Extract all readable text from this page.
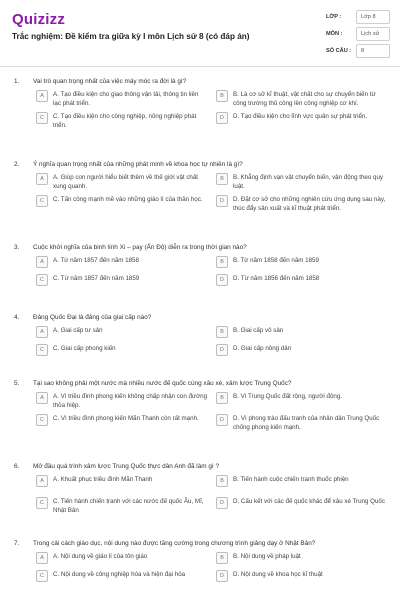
Quizizz
Trắc nghiệm: Đề kiểm tra giữa kỳ I môn Lịch sử 8 (có đáp án)
LỚP :	Lớp 8
MÔN :	Lịch sử
SỐ CÂU :	8
1.	Vai trò quan trọng nhất của việc máy móc ra đời là gì?
A	A. Tạo điều kiện cho giao thông vận tải, thông tin liên lạc phát triển.
B	B. Là cơ sở kĩ thuật, vật chất cho sự chuyển biến từ công trường thủ công lên công nghiệp cơ khí.
C	C. Tạo điều kiện cho công nghiệp, nông nghiệp phát triển.
D	D. Tạo điều kiện cho lĩnh vực quân sự phát triển.
2.	Ý nghĩa quan trọng nhất của những phát minh về khoa học tự nhiên là gì?
A	A. Giúp con người hiểu biết thêm về thế giới vật chất xung quanh.
B	B. Khẳng định vạn vật chuyển biến, vận động theo quy luật.
C	C. Tấn công mạnh mẽ vào những giáo lí của thần học.	D	D. Đặt cơ sở cho những nghiên cứu ứng dụng sau này, thúc đẩy sản xuất và kĩ thuật phát triển.
3.	Cuộc khởi nghĩa của binh lính Xi – pay (Ấn Độ) diễn ra trong thời gian nào?
A	A. Từ năm 1857 đến năm 1858	B	B. Từ năm 1858 đến năm 1859
C	C. Từ năm 1857 đến năm 1859	D	D. Từ năm 1856 đến năm 1858
4.	Đảng Quốc Đại là đảng của giai cấp nào?
A	A. Giai cấp tư sản	B	B. Giai cấp vô sản
C	C. Giai cấp phong kiến	D	D. Giai cấp nông dân
5.	Tại sao không phải một nước mà nhiều nước đế quốc cùng xâu xé, xâm lược Trung Quốc?
A	A. Vì triều đình phong kiến không chấp nhận con đường thỏa hiệp.
B	B. Vì Trung Quốc đất rộng, người đông.
C	C. Vì triều đình phong kiến Mãn Thanh còn rất mạnh.	D	D. Vì phong trào đấu tranh của nhân dân Trung Quốc chống phong kiến mạnh.
6.	Mở đầu quá trình xâm lược Trung Quốc thực dân Anh đã làm gì ?
A	A. Khuất phục triều đình Mãn Thanh	B	B. Tiến hành cuộc chiến tranh thuốc phiện
C	C. Tiến hành chiến tranh với các nước đế quốc Âu, Mĩ, Nhật Bản
D	D. Cấu kết với các đế quốc khác để xâu xé Trung Quốc
7.	Trong cải cách giáo dục, nội dung nào được tăng cường trong chương trình giảng dạy ở Nhật Bản?
A	A. Nội dung về giáo lí của tôn giáo	B	B. Nội dung về pháp luật
C	C. Nội dung về công nghiệp hóa và hiện đại hóa	D	D. Nội dung về khoa học kĩ thuật
